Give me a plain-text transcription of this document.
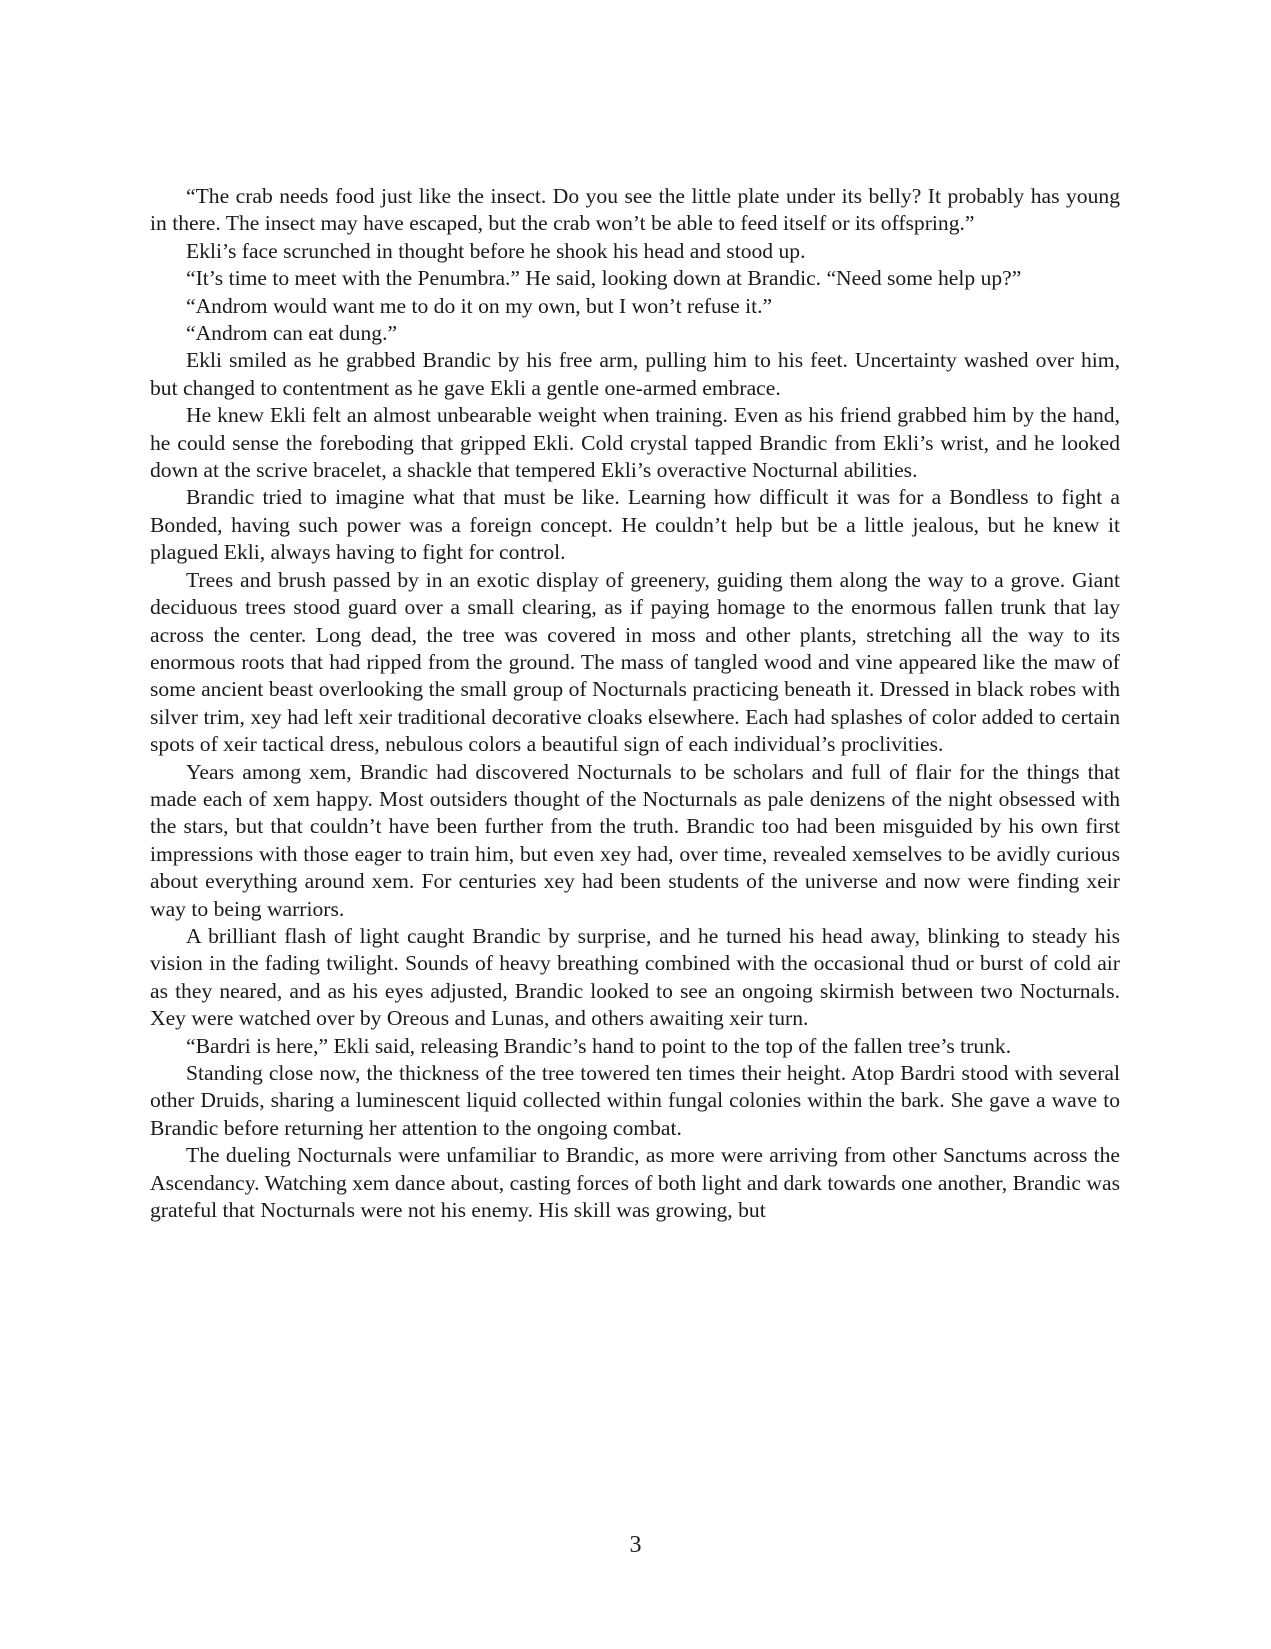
“The crab needs food just like the insect. Do you see the little plate under its belly? It probably has young in there. The insect may have escaped, but the crab won’t be able to feed itself or its offspring.”

Ekli’s face scrunched in thought before he shook his head and stood up.

“It’s time to meet with the Penumbra.” He said, looking down at Brandic. “Need some help up?”

“Androm would want me to do it on my own, but I won’t refuse it.”

“Androm can eat dung.”

Ekli smiled as he grabbed Brandic by his free arm, pulling him to his feet. Uncertainty washed over him, but changed to contentment as he gave Ekli a gentle one-armed embrace.

He knew Ekli felt an almost unbearable weight when training. Even as his friend grabbed him by the hand, he could sense the foreboding that gripped Ekli. Cold crystal tapped Brandic from Ekli’s wrist, and he looked down at the scrive bracelet, a shackle that tempered Ekli’s overactive Nocturnal abilities.

Brandic tried to imagine what that must be like. Learning how difficult it was for a Bondless to fight a Bonded, having such power was a foreign concept. He couldn’t help but be a little jealous, but he knew it plagued Ekli, always having to fight for control.

Trees and brush passed by in an exotic display of greenery, guiding them along the way to a grove. Giant deciduous trees stood guard over a small clearing, as if paying homage to the enormous fallen trunk that lay across the center. Long dead, the tree was covered in moss and other plants, stretching all the way to its enormous roots that had ripped from the ground. The mass of tangled wood and vine appeared like the maw of some ancient beast overlooking the small group of Nocturnals practicing beneath it. Dressed in black robes with silver trim, xey had left xeir traditional decorative cloaks elsewhere. Each had splashes of color added to certain spots of xeir tactical dress, nebulous colors a beautiful sign of each individual’s proclivities.

Years among xem, Brandic had discovered Nocturnals to be scholars and full of flair for the things that made each of xem happy. Most outsiders thought of the Nocturnals as pale denizens of the night obsessed with the stars, but that couldn’t have been further from the truth. Brandic too had been misguided by his own first impressions with those eager to train him, but even xey had, over time, revealed xemselves to be avidly curious about everything around xem. For centuries xey had been students of the universe and now were finding xeir way to being warriors.

A brilliant flash of light caught Brandic by surprise, and he turned his head away, blinking to steady his vision in the fading twilight. Sounds of heavy breathing combined with the occasional thud or burst of cold air as they neared, and as his eyes adjusted, Brandic looked to see an ongoing skirmish between two Nocturnals. Xey were watched over by Oreous and Lunas, and others awaiting xeir turn.

“Bardri is here,” Ekli said, releasing Brandic’s hand to point to the top of the fallen tree’s trunk.

Standing close now, the thickness of the tree towered ten times their height. Atop Bardri stood with several other Druids, sharing a luminescent liquid collected within fungal colonies within the bark. She gave a wave to Brandic before returning her attention to the ongoing combat.

The dueling Nocturnals were unfamiliar to Brandic, as more were arriving from other Sanctums across the Ascendancy. Watching xem dance about, casting forces of both light and dark towards one another, Brandic was grateful that Nocturnals were not his enemy. His skill was growing, but

3
